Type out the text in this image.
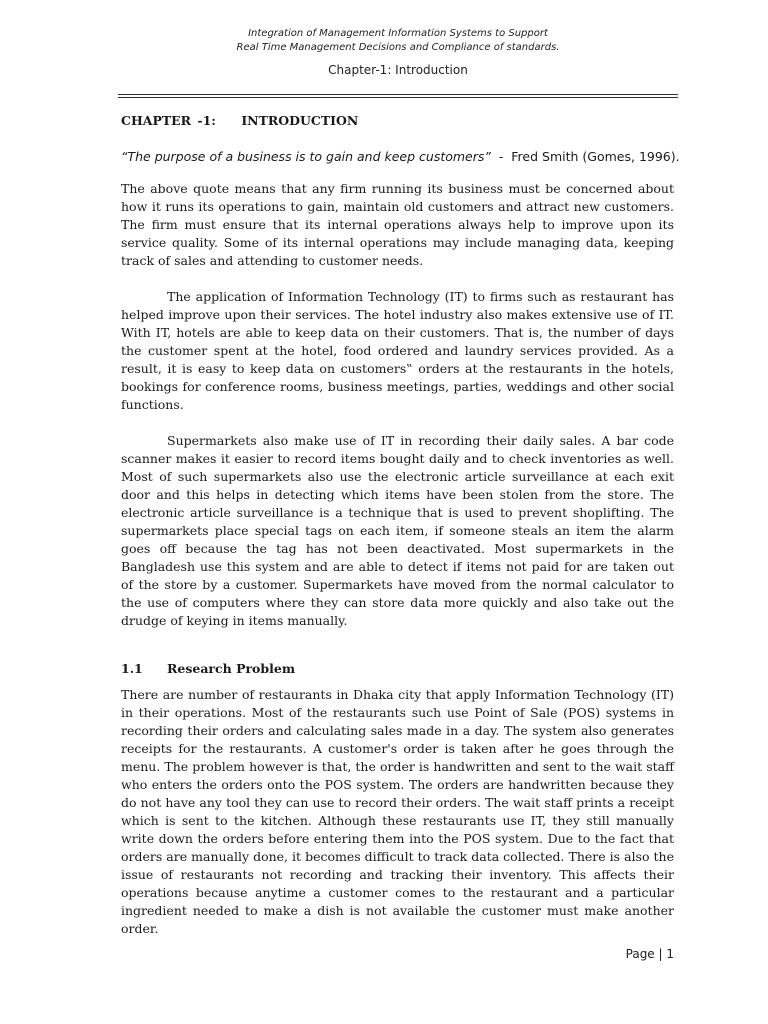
Integration of Management Information Systems to Support
Real Time Management Decisions and Compliance of standards.
Chapter-1: Introduction
CHAPTER -1:    INTRODUCTION
“The purpose of a business is to gain and keep customers”  -  Fred Smith (Gomes, 1996).

The above quote means that any firm running its business must be concerned about how it runs its operations to gain, maintain old customers and attract new customers. The firm must ensure that its internal operations always help to improve upon its service quality. Some of its internal operations may include managing data, keeping track of sales and attending to customer needs.

The application of Information Technology (IT) to firms such as restaurant has helped improve upon their services. The hotel industry also makes extensive use of IT. With IT, hotels are able to keep data on their customers. That is, the number of days the customer spent at the hotel, food ordered and laundry services provided. As a result, it is easy to keep data on customers‟ orders at the restaurants in the hotels, bookings for conference rooms, business meetings, parties, weddings and other social functions.

Supermarkets also make use of IT in recording their daily sales. A bar code scanner makes it easier to record items bought daily and to check inventories as well. Most of such supermarkets also use the electronic article surveillance at each exit door and this helps in detecting which items have been stolen from the store. The electronic article surveillance is a technique that is used to prevent shoplifting. The supermarkets place special tags on each item, if someone steals an item the alarm goes off because the tag has not been deactivated. Most supermarkets in the Bangladesh use this system and are able to detect if items not paid for are taken out of the store by a customer. Supermarkets have moved from the normal calculator to the use of computers where they can store data more quickly and also take out the drudge of keying in items manually.

1.1 Research Problem

There are number of restaurants in Dhaka city that apply Information Technology (IT) in their operations. Most of the restaurants such use Point of Sale (POS) systems in recording their orders and calculating sales made in a day. The system also generates receipts for the restaurants. A customer's order is taken after he goes through the menu. The problem however is that, the order is handwritten and sent to the wait staff who enters the orders onto the POS system. The orders are handwritten because they do not have any tool they can use to record their orders. The wait staff prints a receipt which is sent to the kitchen. Although these restaurants use IT, they still manually write down the orders before entering them into the POS system. Due to the fact that orders are manually done, it becomes difficult to track data collected. There is also the issue of restaurants not recording and tracking their inventory. This affects their operations because anytime a customer comes to the restaurant and a particular ingredient needed to make a dish is not available the customer must make another order.

Page | 1
